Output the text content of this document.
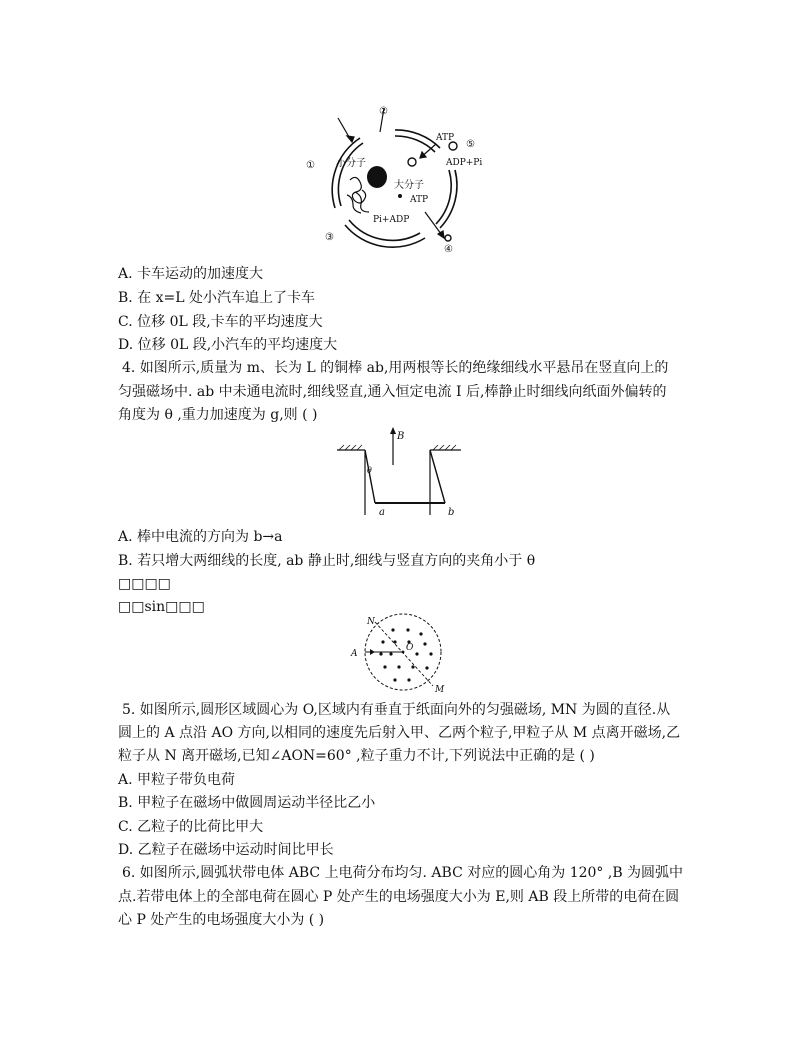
①
②
③
④
⑤
小分子
大分子
ATP
ADP+Pi
ATP
Pi+ADP
A. 卡车运动的加速度大
B. 在 x=L 处小汽车追上了卡车
C. 位移 0L 段,卡车的平均速度大
D. 位移 0L 段,小汽车的平均速度大
4. 如图所示,质量为 m、长为 L 的铜棒 ab,用两根等长的绝缘细线水平悬吊在竖直向上的
匀强磁场中. ab 中未通电流时,细线竖直,通入恒定电流 I 后,棒静止时细线向纸面外偏转的
角度为 θ ,重力加速度为 g,则 ( )
B
θ
a	b
A. 棒中电流的方向为 b→a
B. 若只增大两细线的长度, ab 静止时,细线与竖直方向的夹角小于 θ
□□□□
□□sin□□□
N
A
O
M
5. 如图所示,圆形区域圆心为 O,区域内有垂直于纸面向外的匀强磁场, MN 为圆的直径.从
圆上的 A 点沿 AO 方向,以相同的速度先后射入甲、乙两个粒子,甲粒子从 M 点离开磁场,乙
粒子从 N 离开磁场,已知∠AON=60° ,粒子重力不计,下列说法中正确的是 ( )
A. 甲粒子带负电荷
B. 甲粒子在磁场中做圆周运动半径比乙小
C. 乙粒子的比荷比甲大
D. 乙粒子在磁场中运动时间比甲长
6. 如图所示,圆弧状带电体 ABC 上电荷分布均匀. ABC 对应的圆心角为 120° ,B 为圆弧中
点.若带电体上的全部电荷在圆心 P 处产生的电场强度大小为 E,则 AB 段上所带的电荷在圆
心 P 处产生的电场强度大小为 ( )
